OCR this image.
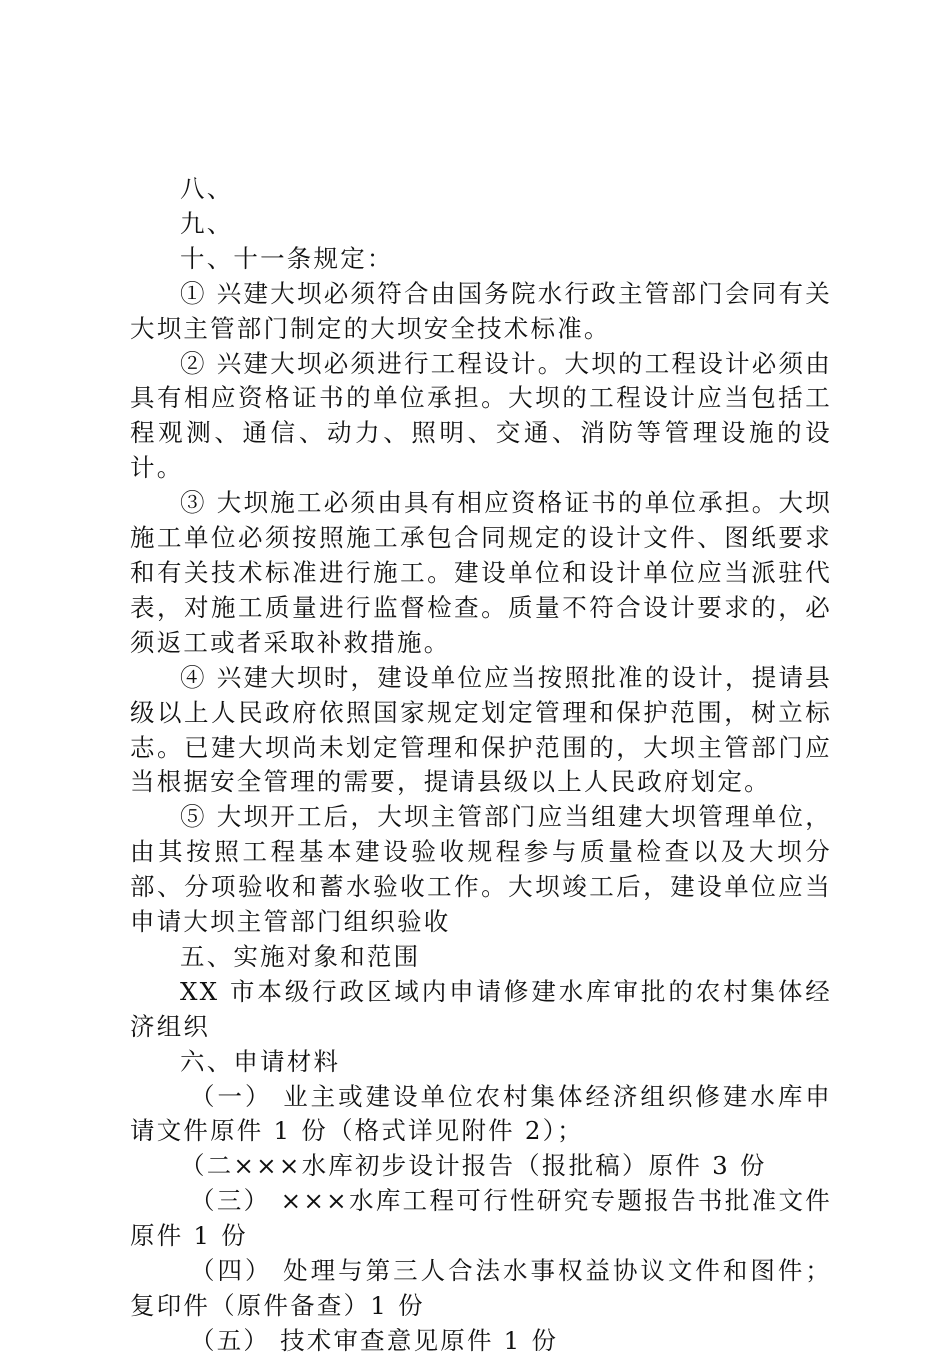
八、

九、

十、十一条规定：

① 兴建大坝必须符合由国务院水行政主管部门会同有关大坝主管部门制定的大坝安全技术标准。

② 兴建大坝必须进行工程设计。大坝的工程设计必须由具有相应资格证书的单位承担。大坝的工程设计应当包括工程观测、通信、动力、照明、交通、消防等管理设施的设计。

③ 大坝施工必须由具有相应资格证书的单位承担。大坝施工单位必须按照施工承包合同规定的设计文件、图纸要求和有关技术标准进行施工。建设单位和设计单位应当派驻代表，对施工质量进行监督检查。质量不符合设计要求的，必须返工或者采取补救措施。

④ 兴建大坝时，建设单位应当按照批准的设计，提请县级以上人民政府依照国家规定划定管理和保护范围，树立标志。已建大坝尚未划定管理和保护范围的，大坝主管部门应当根据安全管理的需要，提请县级以上人民政府划定。

⑤ 大坝开工后，大坝主管部门应当组建大坝管理单位，由其按照工程基本建设验收规程参与质量检查以及大坝分部、分项验收和蓄水验收工作。大坝竣工后，建设单位应当申请大坝主管部门组织验收

五、实施对象和范围

XX 市本级行政区域内申请修建水库审批的农村集体经济组织

六、申请材料

（一） 业主或建设单位农村集体经济组织修建水库申请文件原件 1 份（格式详见附件 2）；

（二×××水库初步设计报告（报批稿）原件 3 份

（三） ×××水库工程可行性研究专题报告书批准文件原件 1 份

（四） 处理与第三人合法水事权益协议文件和图件；复印件（原件备查）1 份

（五） 技术审查意见原件 1 份
